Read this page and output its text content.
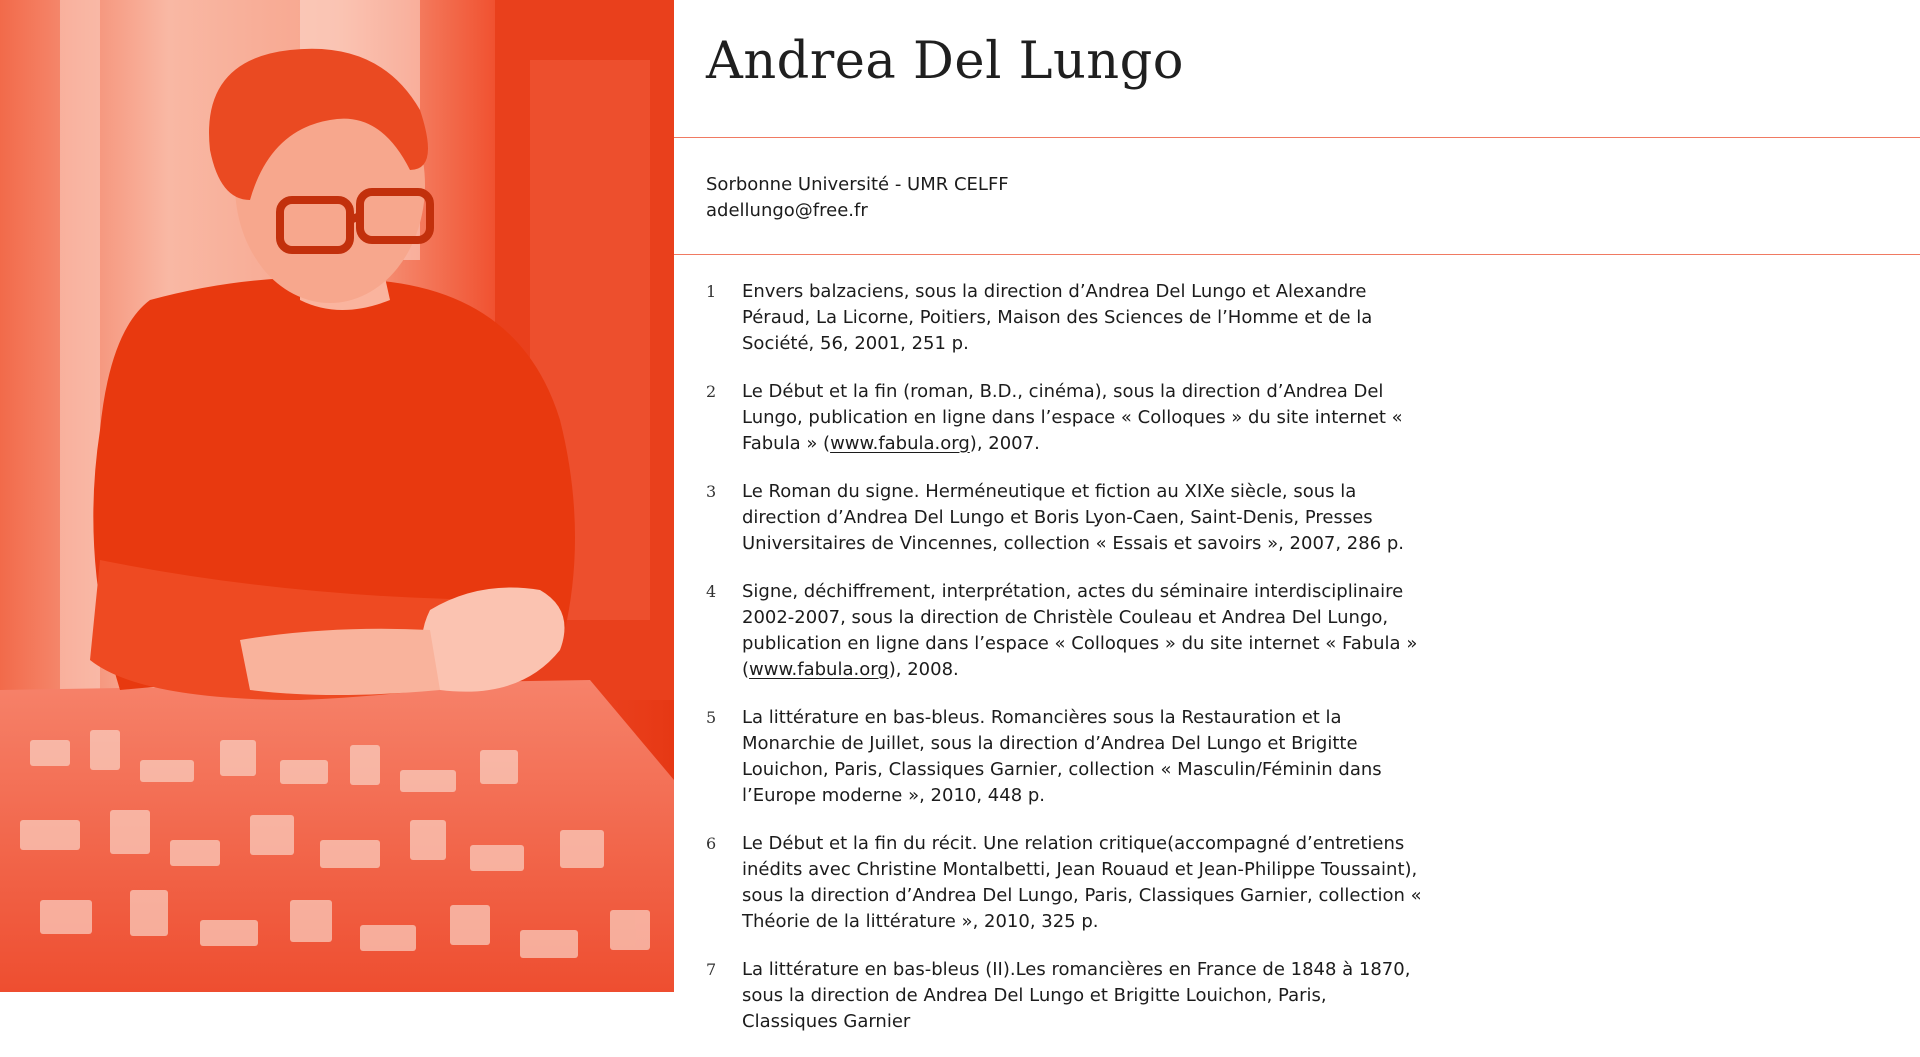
Andrea Del Lungo
Sorbonne Université - UMR CELFF
adellungo@free.fr
1	Envers balzaciens, sous la direction d’Andrea Del Lungo et Alexandre Péraud, La Licorne, Poitiers, Maison des Sciences de l’Homme et de la Société, 56, 2001, 251 p.
2	Le Début et la fin (roman, B.D., cinéma), sous la direction d’Andrea Del Lungo, publication en ligne dans l’espace « Colloques » du site internet « Fabula » (www.fabula.org), 2007.
3	Le Roman du signe. Herméneutique et fiction au XIXe siècle, sous la direction d’Andrea Del Lungo et Boris Lyon-Caen, Saint-Denis, Presses Universitaires de Vincennes, collection « Essais et savoirs », 2007, 286 p.
4	Signe, déchiffrement, interprétation, actes du séminaire interdisciplinaire 2002-2007, sous la direction de Christèle Couleau et Andrea Del Lungo, publication en ligne dans l’espace « Colloques » du site internet « Fabula » (www.fabula.org), 2008.
5	La littérature en bas-bleus. Romancières sous la Restauration et la Monarchie de Juillet, sous la direction d’Andrea Del Lungo et Brigitte Louichon, Paris, Classiques Garnier, collection « Masculin/Féminin dans l’Europe moderne », 2010, 448 p.
6	Le Début et la fin du récit. Une relation critique(accompagné d’entretiens inédits avec Christine Montalbetti, Jean Rouaud et Jean-Philippe Toussaint), sous la direction d’Andrea Del Lungo, Paris, Classiques Garnier, collection « Théorie de la littérature », 2010, 325 p.
7	La littérature en bas-bleus (II).Les romancières en France de 1848 à 1870, sous la direction de Andrea Del Lungo et Brigitte Louichon, Paris, Classiques Garnier
